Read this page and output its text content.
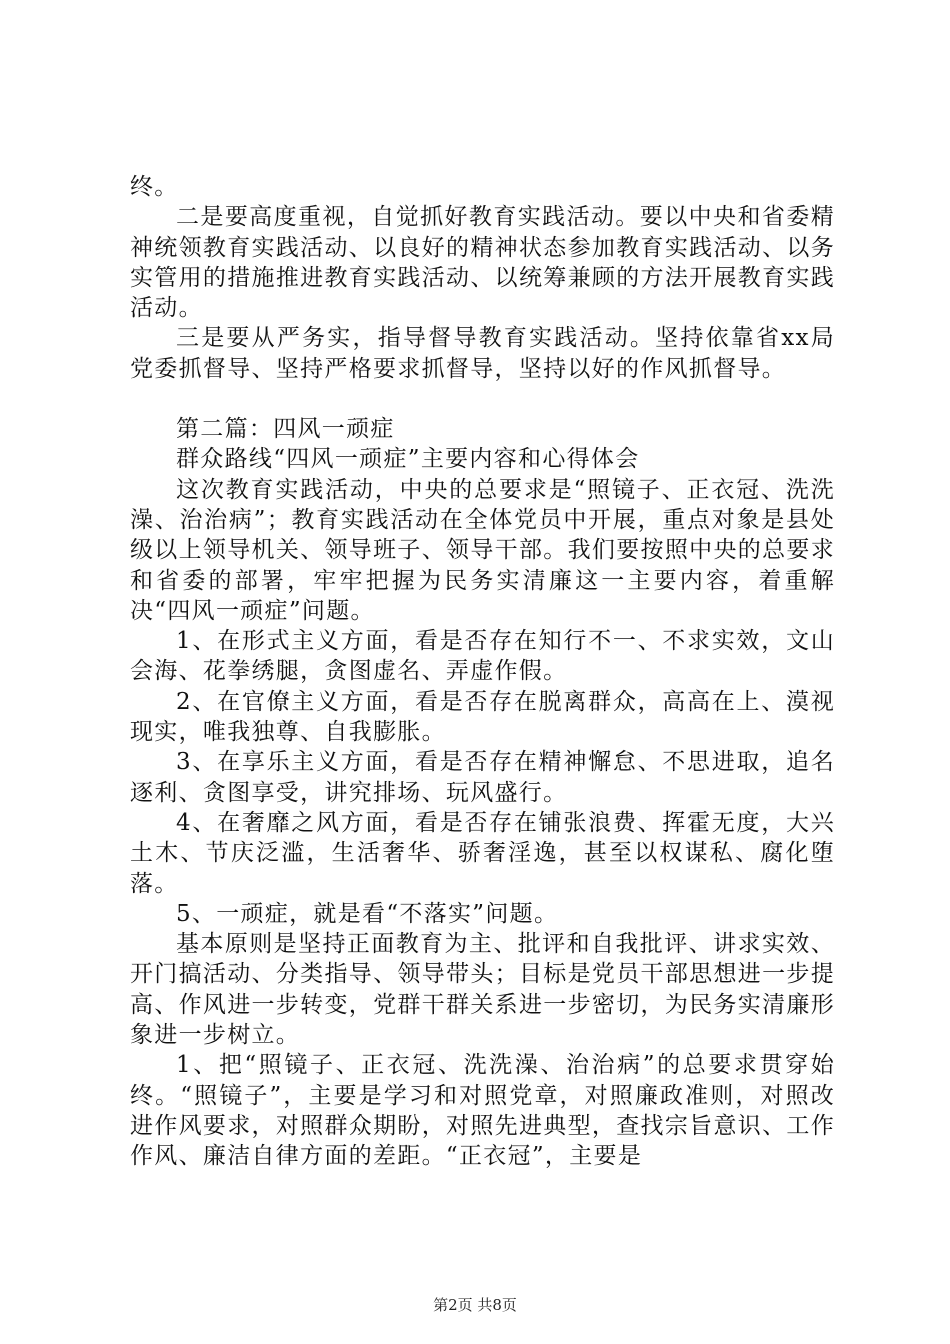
终。

二是要高度重视，自觉抓好教育实践活动。要以中央和省委精神统领教育实践活动、以良好的精神状态参加教育实践活动、以务实管用的措施推进教育实践活动、以统筹兼顾的方法开展教育实践活动。

三是要从严务实，指导督导教育实践活动。坚持依靠省xx局党委抓督导、坚持严格要求抓督导，坚持以好的作风抓督导。

第二篇：四风一顽症

群众路线“四风一顽症”主要内容和心得体会

这次教育实践活动，中央的总要求是“照镜子、正衣冠、洗洗澡、治治病”；教育实践活动在全体党员中开展，重点对象是县处级以上领导机关、领导班子、领导干部。我们要按照中央的总要求和省委的部署，牢牢把握为民务实清廉这一主要内容，着重解决“四风一顽症”问题。

1、在形式主义方面，看是否存在知行不一、不求实效，文山会海、花拳绣腿，贪图虚名、弄虚作假。

2、在官僚主义方面，看是否存在脱离群众，高高在上、漠视现实，唯我独尊、自我膨胀。

3、在享乐主义方面，看是否存在精神懈怠、不思进取，追名逐利、贪图享受，讲究排场、玩风盛行。

4、在奢靡之风方面，看是否存在铺张浪费、挥霍无度，大兴土木、节庆泛滥，生活奢华、骄奢淫逸，甚至以权谋私、腐化堕落。

5、一顽症，就是看“不落实”问题。

基本原则是坚持正面教育为主、批评和自我批评、讲求实效、开门搞活动、分类指导、领导带头；目标是党员干部思想进一步提高、作风进一步转变，党群干群关系进一步密切，为民务实清廉形象进一步树立。

1、把“照镜子、正衣冠、洗洗澡、治治病”的总要求贯穿始终。“照镜子”，主要是学习和对照党章，对照廉政准则，对照改进作风要求，对照群众期盼，对照先进典型，查找宗旨意识、工作作风、廉洁自律方面的差距。“正衣冠”，主要是

第2页 共8页
